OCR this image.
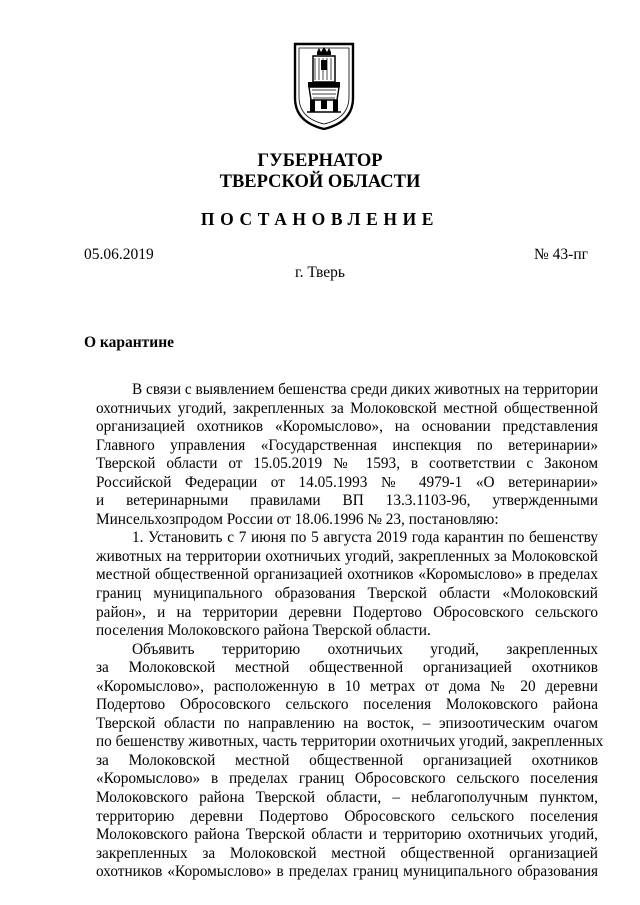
ГУБЕРНАТОР
ТВЕРСКОЙ ОБЛАСТИ
ПОСТАНОВЛЕНИЕ
05.06.2019	№ 43-пг
г. Тверь
О карантине
В связи с выявлением бешенства среди диких животных на территории
охотничьих угодий, закрепленных за Молоковской местной общественной
организацией охотников «Коромыслово», на основании представления
Главного управления «Государственная инспекция по ветеринарии»
Тверской области от 15.05.2019 № 1593, в соответствии с Законом
Российской Федерации от 14.05.1993 № 4979-1 «О ветеринарии»
и ветеринарными правилами ВП 13.3.1103-96, утвержденными
Минсельхозпродом России от 18.06.1996 № 23, постановляю:
1. Установить с 7 июня по 5 августа 2019 года карантин по бешенству
животных на территории охотничьих угодий, закрепленных за Молоковской
местной общественной организацией охотников «Коромыслово» в пределах
границ муниципального образования Тверской области «Молоковский
район», и на территории деревни Подертово Обросовского сельского
поселения Молоковского района Тверской области.
Объявить территорию охотничьих угодий, закрепленных
за Молоковской местной общественной организацией охотников
«Коромыслово», расположенную в 10 метрах от дома № 20 деревни
Подертово Обросовского сельского поселения Молоковского района
Тверской области по направлению на восток, – эпизоотическим очагом
по бешенству животных, часть территории охотничьих угодий, закрепленных
за Молоковской местной общественной организацией охотников
«Коромыслово» в пределах границ Обросовского сельского поселения
Молоковского района Тверской области, – неблагополучным пунктом,
территорию деревни Подертово Обросовского сельского поселения
Молоковского района Тверской области и территорию охотничьих угодий,
закрепленных за Молоковской местной общественной организацией
охотников «Коромыслово» в пределах границ муниципального образования
